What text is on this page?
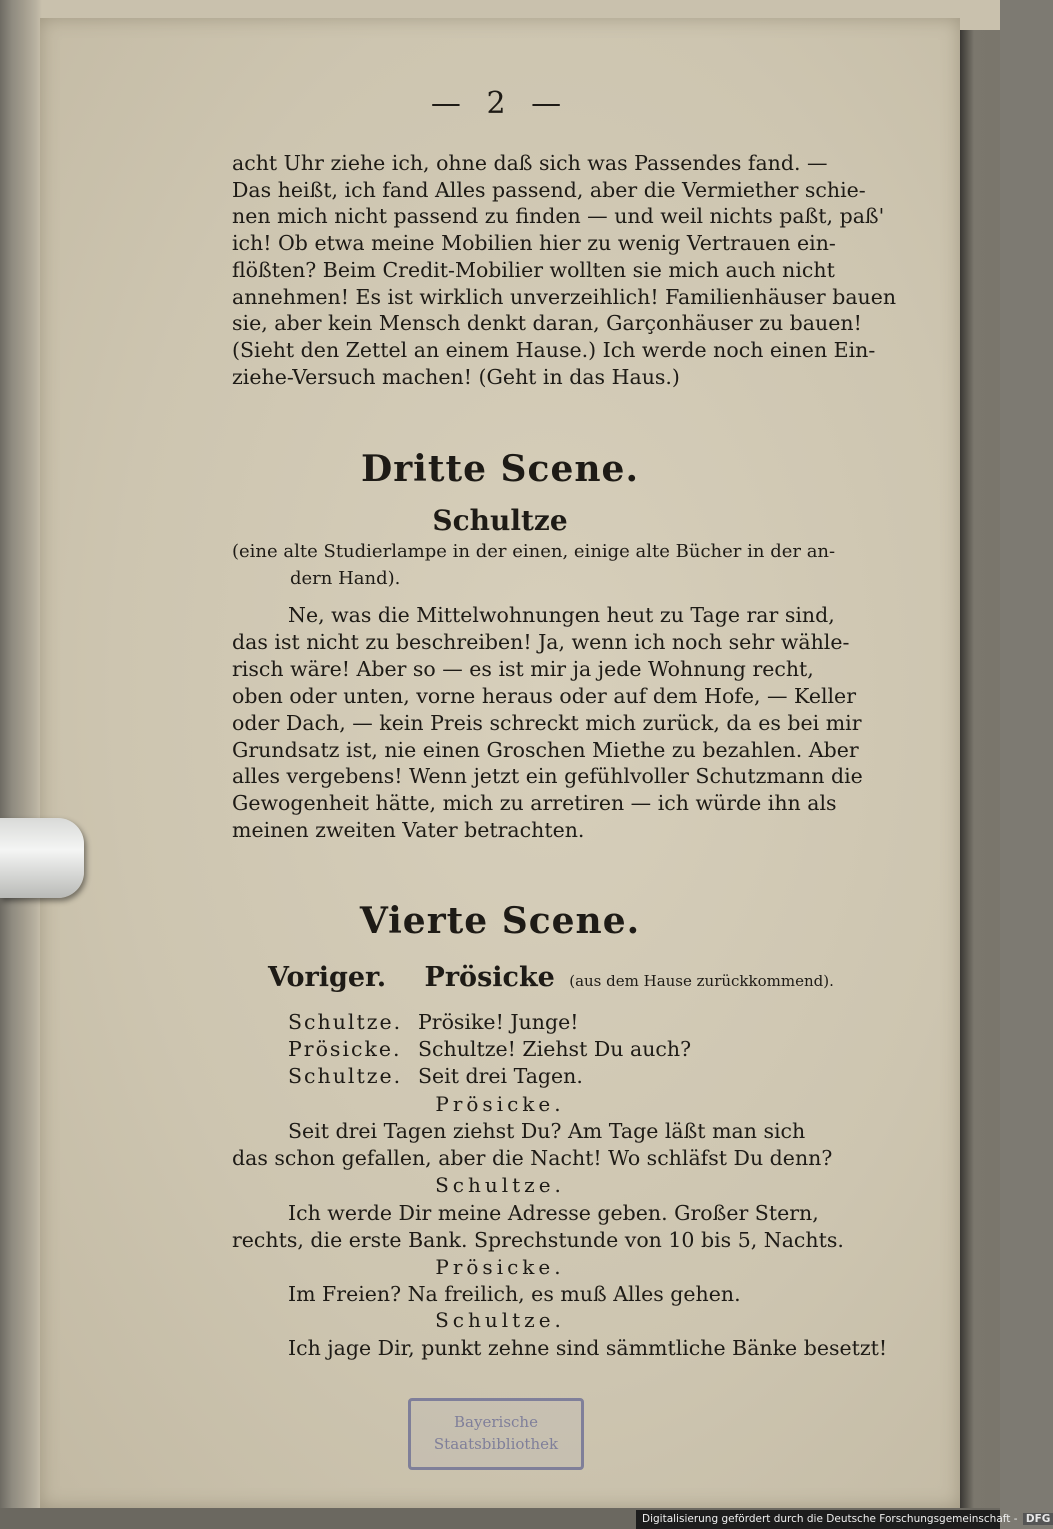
— 2 —
acht Uhr ziehe ich, ohne daß sich was Passendes fand. —
Das heißt, ich fand Alles passend, aber die Vermiether schie-
nen mich nicht passend zu finden — und weil nichts paßt, paß'
ich! Ob etwa meine Mobilien hier zu wenig Vertrauen ein-
flößten? Beim Credit-Mobilier wollten sie mich auch nicht
annehmen! Es ist wirklich unverzeihlich! Familienhäuser bauen
sie, aber kein Mensch denkt daran, Garçonhäuser zu bauen!
(Sieht den Zettel an einem Hause.) Ich werde noch einen Ein-
ziehe-Versuch machen! (Geht in das Haus.)
Dritte Scene.
Schultze
(eine alte Studierlampe in der einen, einige alte Bücher in der an-
dern Hand).
Ne, was die Mittelwohnungen heut zu Tage rar sind,
das ist nicht zu beschreiben! Ja, wenn ich noch sehr wähle-
risch wäre! Aber so — es ist mir ja jede Wohnung recht,
oben oder unten, vorne heraus oder auf dem Hofe, — Keller
oder Dach, — kein Preis schreckt mich zurück, da es bei mir
Grundsatz ist, nie einen Groschen Miethe zu bezahlen. Aber
alles vergebens! Wenn jetzt ein gefühlvoller Schutzmann die
Gewogenheit hätte, mich zu arretiren — ich würde ihn als
meinen zweiten Vater betrachten.
Vierte Scene.
Voriger. Prösicke (aus dem Hause zurückkommend).
Schultze. Prösike! Junge!
Prösicke. Schultze! Ziehst Du auch?
Schultze. Seit drei Tagen.
Prösicke.
Seit drei Tagen ziehst Du? Am Tage läßt man sich
das schon gefallen, aber die Nacht! Wo schläfst Du denn?
Schultze.
Ich werde Dir meine Adresse geben. Großer Stern,
rechts, die erste Bank. Sprechstunde von 10 bis 5, Nachts.
Prösicke.
Im Freien? Na freilich, es muß Alles gehen.
Schultze.
Ich jage Dir, punkt zehne sind sämmtliche Bänke besetzt!
Bayerische
Staatsbibliothek
Digitalisierung gefördert durch die Deutsche Forschungsgemeinschaft - DFG
